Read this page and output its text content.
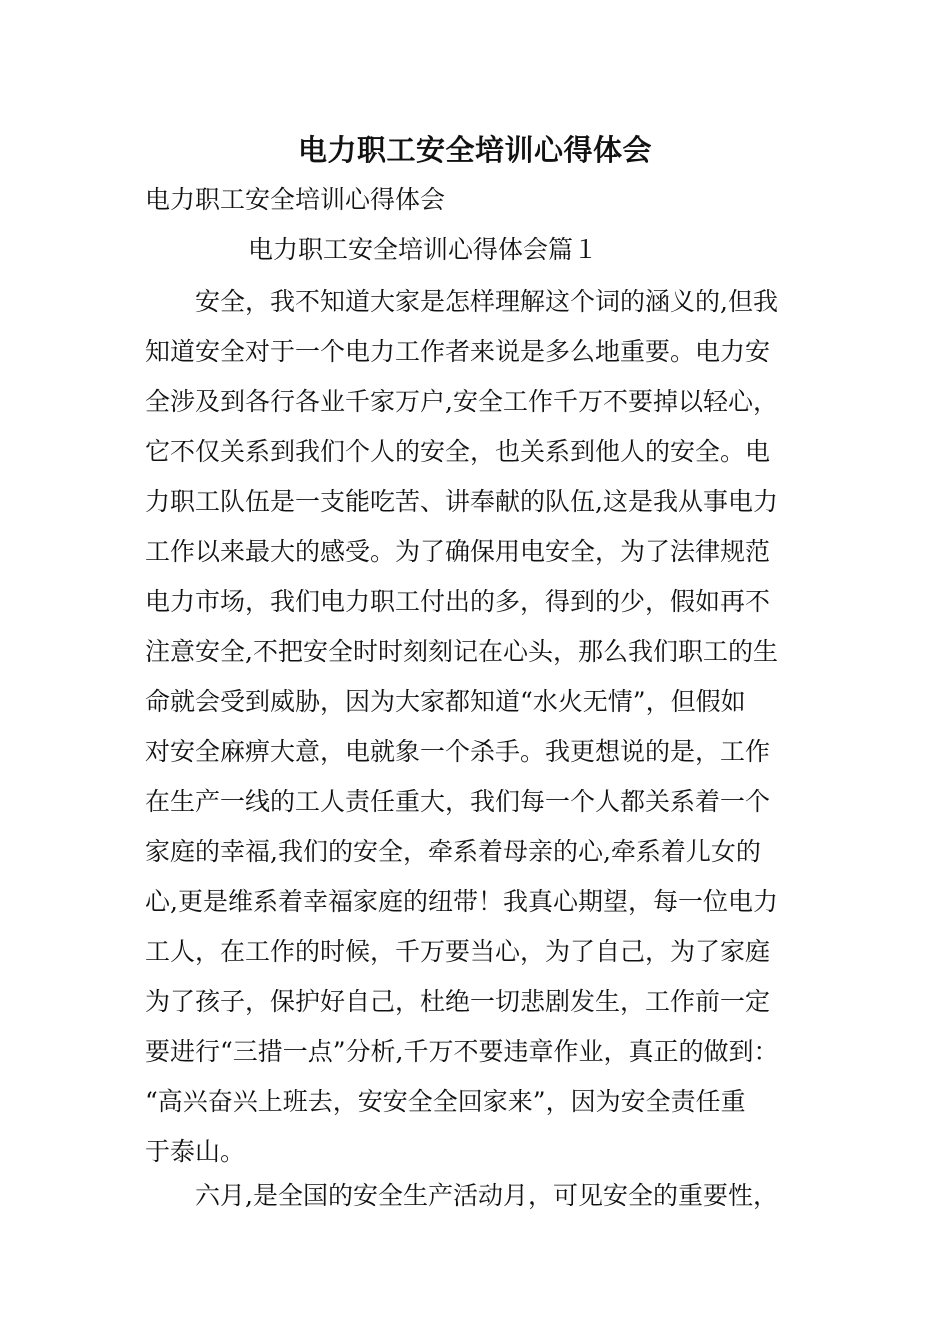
电力职工安全培训心得体会
电力职工安全培训心得体会
电力职工安全培训心得体会篇１
　　安全，我不知道大家是怎样理解这个词的涵义的,但我
知道安全对于一个电力工作者来说是多么地重要。电力安
全涉及到各行各业千家万户,安全工作千万不要掉以轻心，
它不仅关系到我们个人的安全，也关系到他人的安全。电
力职工队伍是一支能吃苦、讲奉献的队伍,这是我从事电力
工作以来最大的感受。为了确保用电安全，为了法律规范
电力市场，我们电力职工付出的多，得到的少，假如再不
注意安全,不把安全时时刻刻记在心头，那么我们职工的生
命就会受到威胁，因为大家都知道“水火无情”，但假如
对安全麻痹大意，电就象一个杀手。我更想说的是，工作
在生产一线的工人责任重大，我们每一个人都关系着一个
家庭的幸福,我们的安全，牵系着母亲的心,牵系着儿女的
心,更是维系着幸福家庭的纽带！我真心期望，每一位电力
工人，在工作的时候，千万要当心，为了自己，为了家庭
为了孩子，保护好自己，杜绝一切悲剧发生，工作前一定
要进行“三措一点”分析,千万不要违章作业，真正的做到：
“高兴奋兴上班去，安安全全回家来”，因为安全责任重
于泰山。
　　六月,是全国的安全生产活动月，可见安全的重要性，
